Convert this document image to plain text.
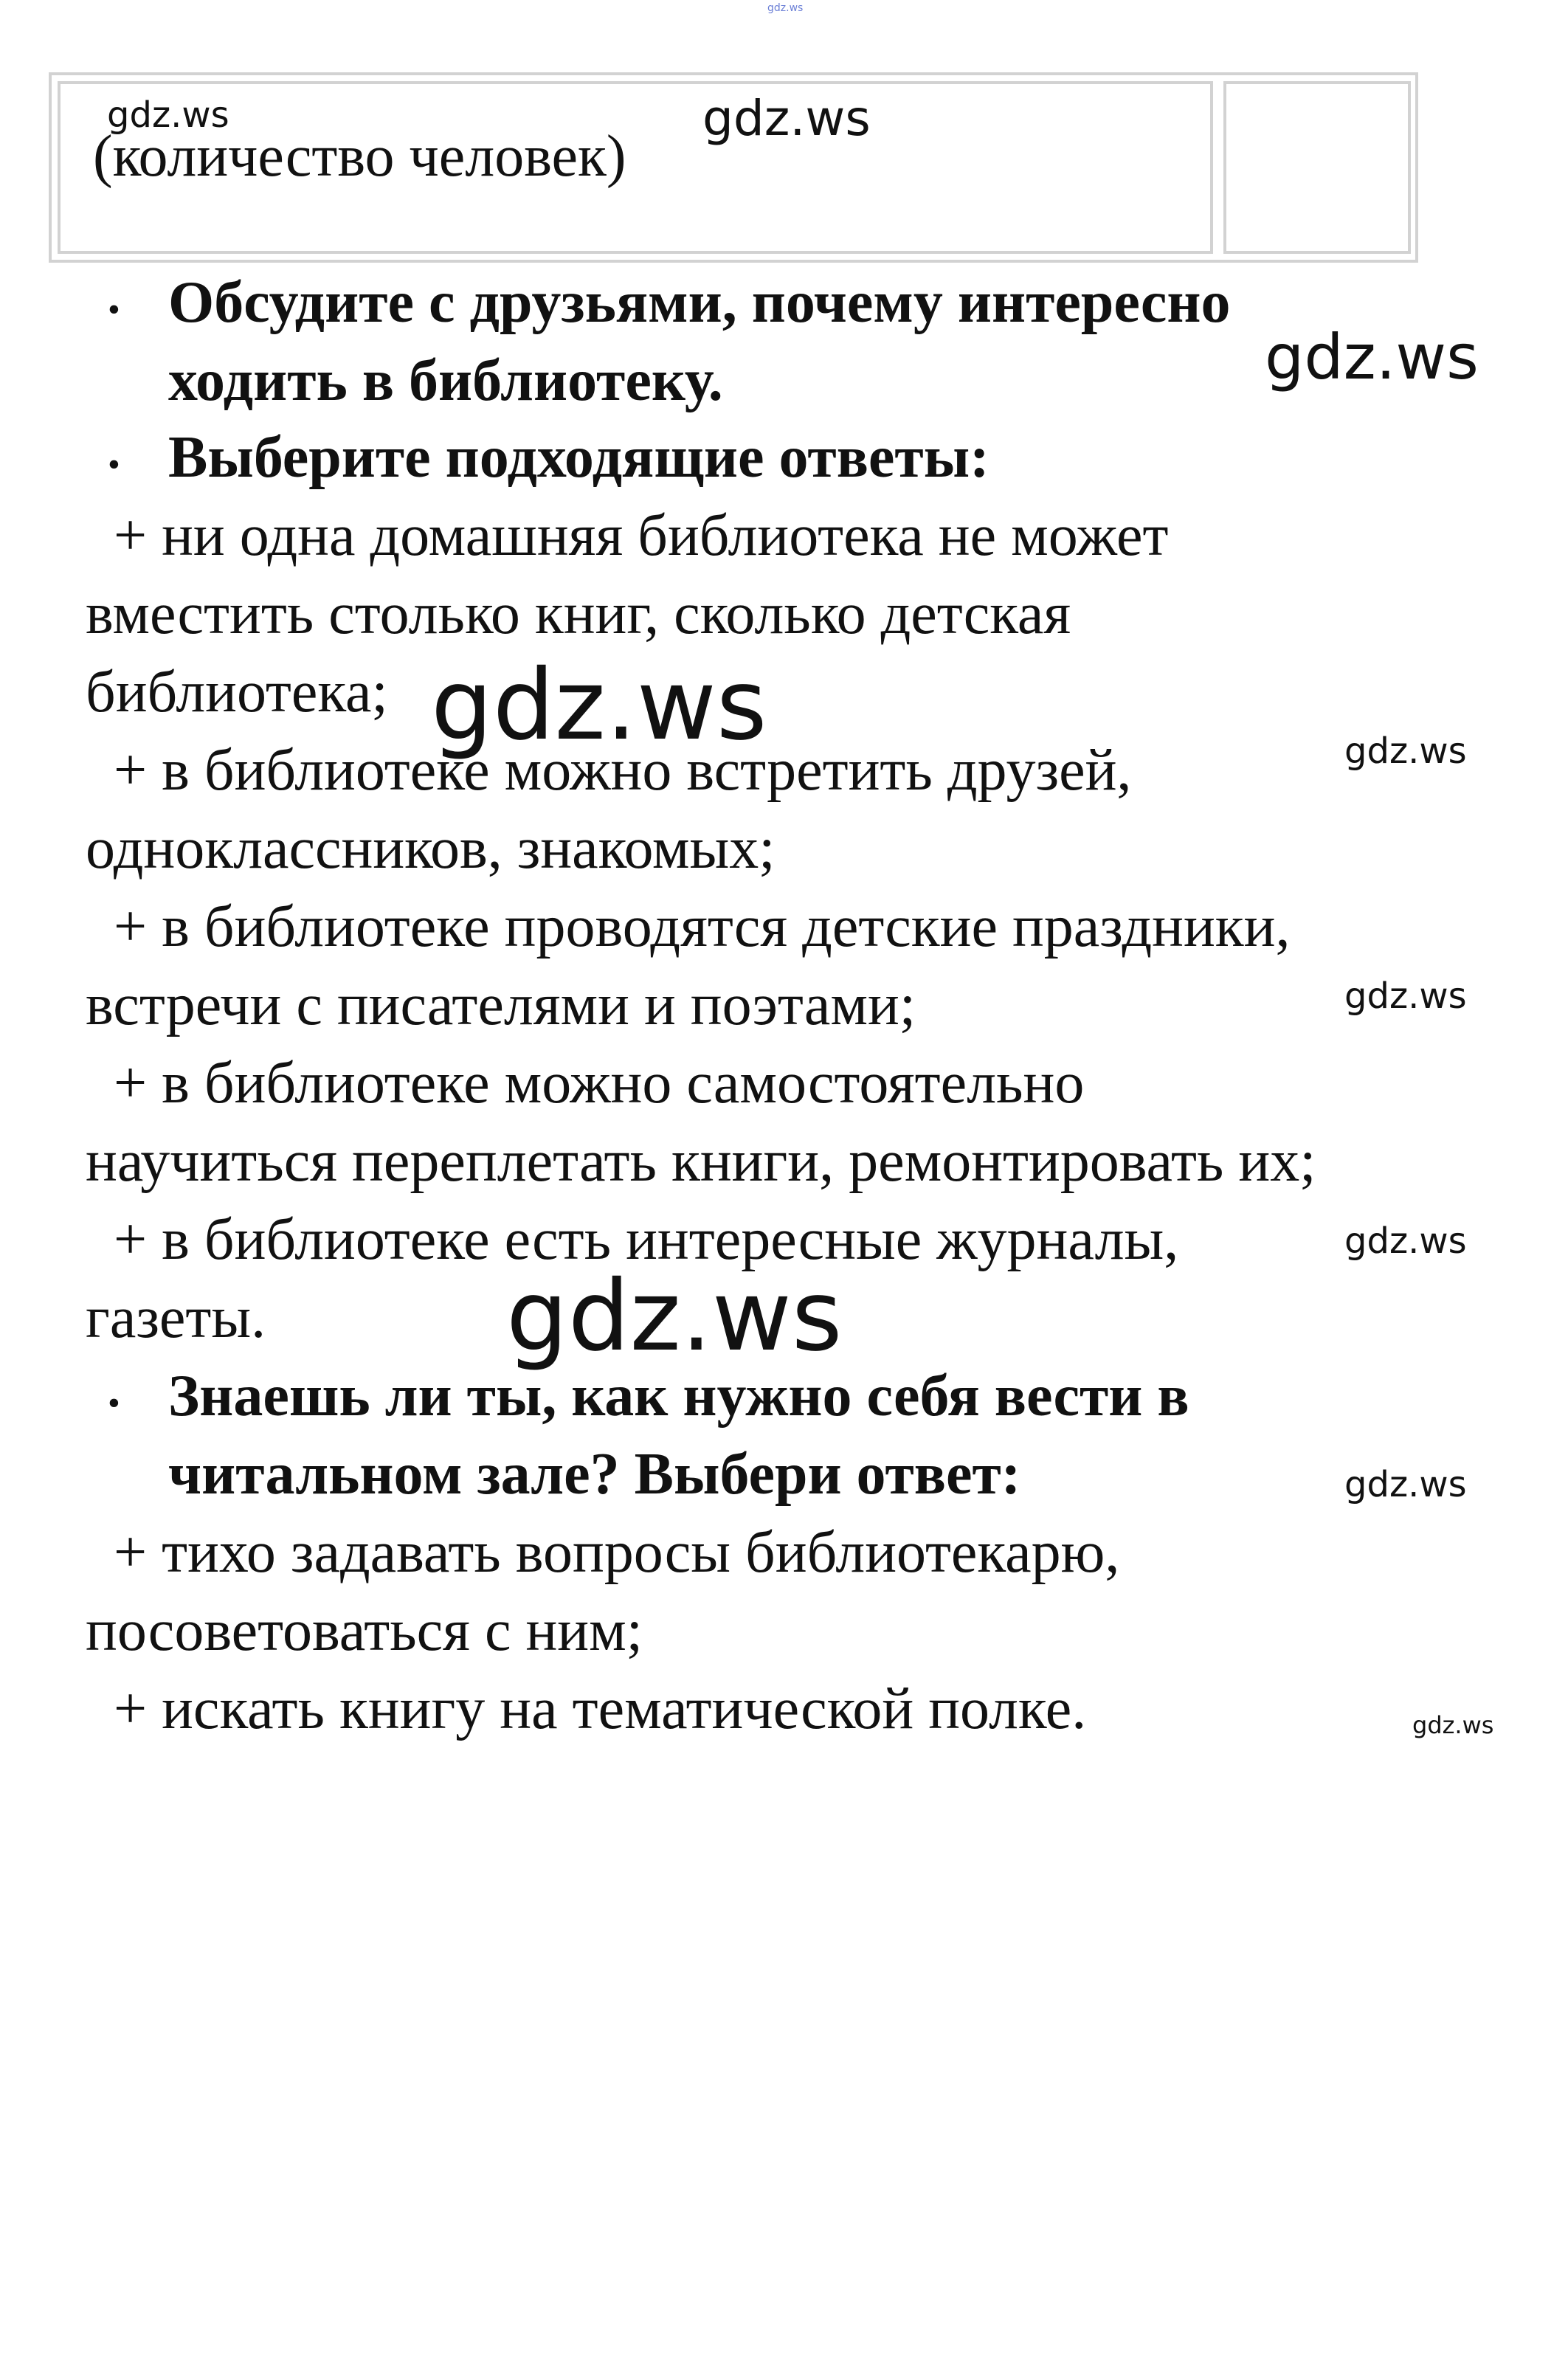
gdz.ws
(количество человек)
• Обсудите с друзьями, почему интересно
ходить в библиотеку.
• Выберите подходящие ответы:
+ ни одна домашняя библиотека не может
вместить столько книг, сколько детская
библиотека;
+ в библиотеке можно встретить друзей,
одноклассников, знакомых;
+ в библиотеке проводятся детские праздники,
встречи с писателями и поэтами;
+ в библиотеке можно самостоятельно
научиться переплетать книги, ремонтировать их;
+ в библиотеке есть интересные журналы,
газеты.
• Знаешь ли ты, как нужно себя вести в
читальном зале? Выбери ответ:
+ тихо задавать вопросы библиотекарю,
посоветоваться с ним;
+ искать книгу на тематической полке.
gdz.ws	gdz.ws
gdz.ws
gdz.ws	gdz.ws
gdz.ws
gdz.ws
gdz.ws
gdz.ws
gdz.ws
